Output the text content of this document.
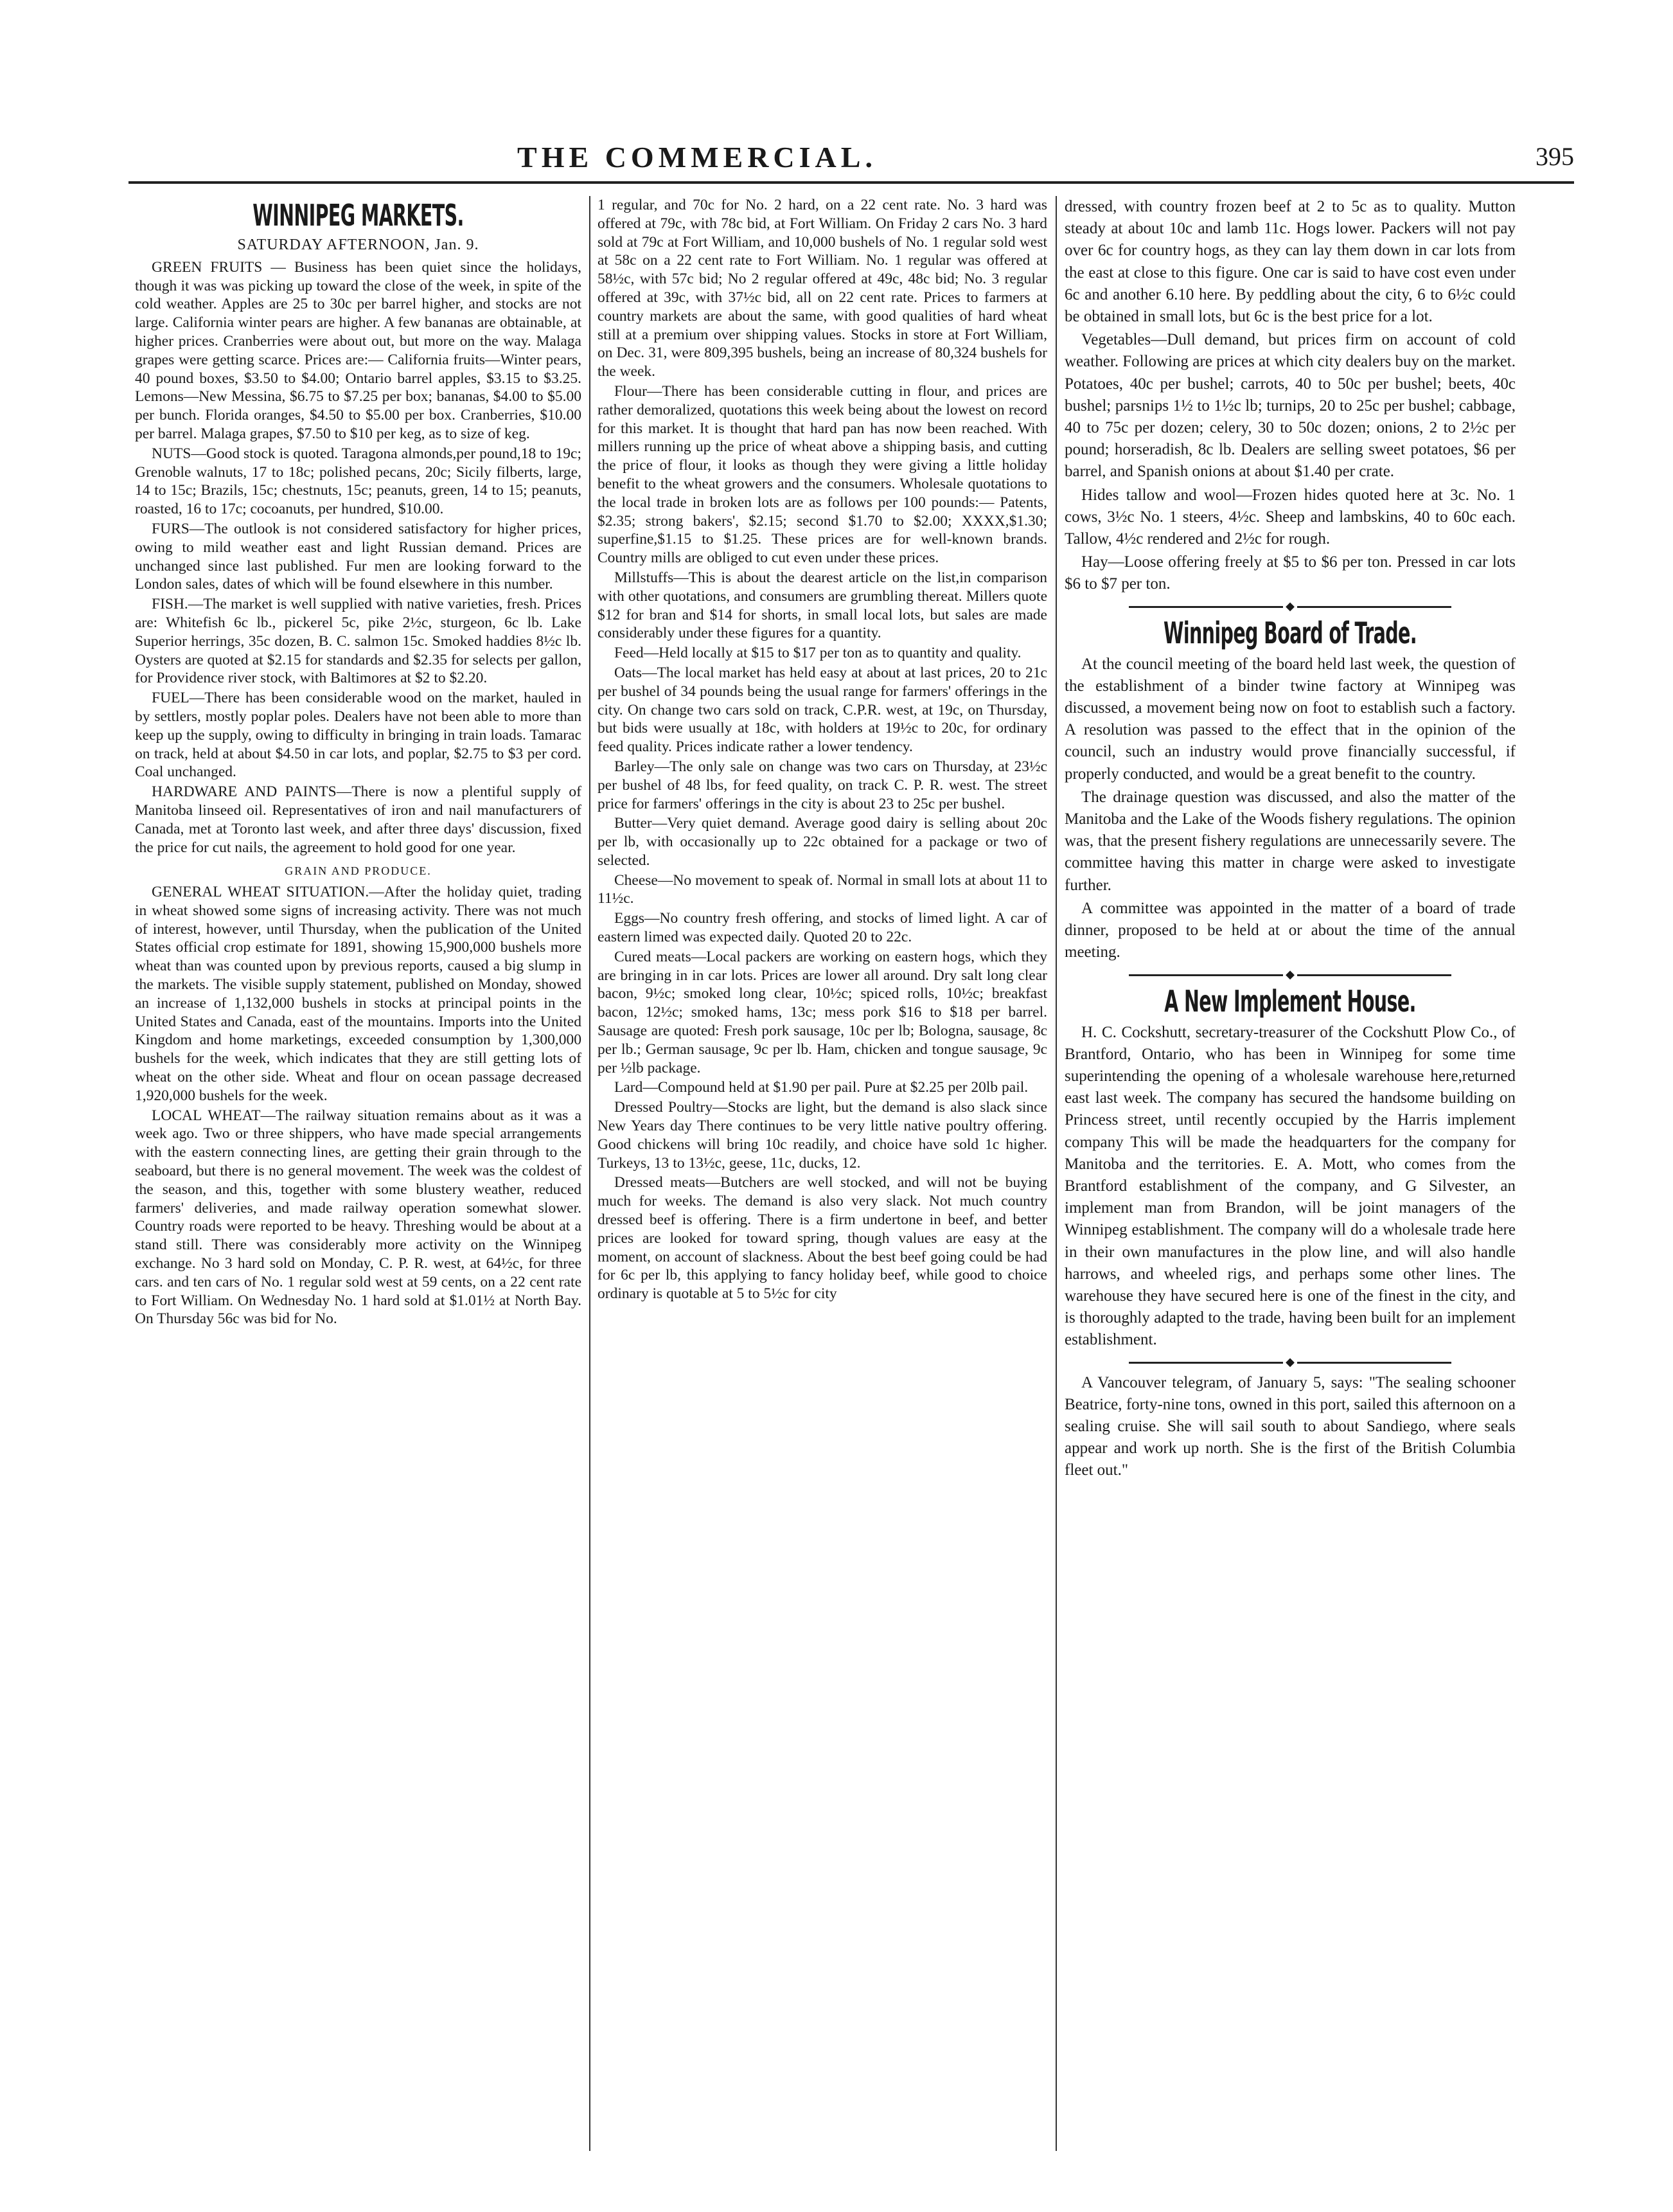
THE COMMERCIAL.	395
WINNIPEG MARKETS.
SATURDAY AFTERNOON, Jan. 9.

GREEN FRUITS — Business has been quiet since the holidays, though it was was picking up toward the close of the week, in spite of the cold weather. Apples are 25 to 30c per barrel higher, and stocks are not large. California winter pears are higher. A few bananas are obtainable, at higher prices. Cranberries were about out, but more on the way. Malaga grapes were getting scarce. Prices are:— California fruits—Winter pears, 40 pound boxes, $3.50 to $4.00; Ontario barrel apples, $3.15 to $3.25. Lemons—New Messina, $6.75 to $7.25 per box; bananas, $4.00 to $5.00 per bunch. Florida oranges, $4.50 to $5.00 per box. Cranberries, $10.00 per barrel. Malaga grapes, $7.50 to $10 per keg, as to size of keg.

NUTS—Good stock is quoted. Taragona almonds,per pound,18 to 19c; Grenoble walnuts, 17 to 18c; polished pecans, 20c; Sicily filberts, large, 14 to 15c; Brazils, 15c; chestnuts, 15c; peanuts, green, 14 to 15; peanuts, roasted, 16 to 17c; cocoanuts, per hundred, $10.00.

FURS—The outlook is not considered satisfactory for higher prices, owing to mild weather east and light Russian demand. Prices are unchanged since last published. Fur men are looking forward to the London sales, dates of which will be found elsewhere in this number.

FISH.—The market is well supplied with native varieties, fresh. Prices are: Whitefish 6c lb., pickerel 5c, pike 2½c, sturgeon, 6c lb. Lake Superior herrings, 35c dozen, B. C. salmon 15c. Smoked haddies 8½c lb. Oysters are quoted at $2.15 for standards and $2.35 for selects per gallon, for Providence river stock, with Baltimores at $2 to $2.20.

FUEL—There has been considerable wood on the market, hauled in by settlers, mostly poplar poles. Dealers have not been able to more than keep up the supply, owing to difficulty in bringing in train loads. Tamarac on track, held at about $4.50 in car lots, and poplar, $2.75 to $3 per cord. Coal unchanged.

HARDWARE AND PAINTS—There is now a plentiful supply of Manitoba linseed oil. Representatives of iron and nail manufacturers of Canada, met at Toronto last week, and after three days' discussion, fixed the price for cut nails, the agreement to hold good for one year.

GRAIN AND PRODUCE.

GENERAL WHEAT SITUATION.—After the holiday quiet, trading in wheat showed some signs of increasing activity. There was not much of interest, however, until Thursday, when the publication of the United States official crop estimate for 1891, showing 15,900,000 bushels more wheat than was counted upon by previous reports, caused a big slump in the markets. The visible supply statement, published on Monday, showed an increase of 1,132,000 bushels in stocks at principal points in the United States and Canada, east of the mountains. Imports into the United Kingdom and home marketings, exceeded consumption by 1,300,000 bushels for the week, which indicates that they are still getting lots of wheat on the other side. Wheat and flour on ocean passage decreased 1,920,000 bushels for the week.

LOCAL WHEAT—The railway situation remains about as it was a week ago. Two or three shippers, who have made special arrangements with the eastern connecting lines, are getting their grain through to the seaboard, but there is no general movement. The week was the coldest of the season, and this, together with some blustery weather, reduced farmers' deliveries, and made railway operation somewhat slower. Country roads were reported to be heavy. Threshing would be about at a stand still. There was considerably more activity on the Winnipeg exchange. No 3 hard sold on Monday, C. P. R. west, at 64½c, for three cars. and ten cars of No. 1 regular sold west at 59 cents, on a 22 cent rate to Fort William. On Wednesday No. 1 hard sold at $1.01½ at North Bay. On Thursday 56c was bid for No.

1 regular, and 70c for No. 2 hard, on a 22 cent rate. No. 3 hard was offered at 79c, with 78c bid, at Fort William. On Friday 2 cars No. 3 hard sold at 79c at Fort William, and 10,000 bushels of No. 1 regular sold west at 58c on a 22 cent rate to Fort William. No. 1 regular was offered at 58½c, with 57c bid; No 2 regular offered at 49c, 48c bid; No. 3 regular offered at 39c, with 37½c bid, all on 22 cent rate. Prices to farmers at country markets are about the same, with good qualities of hard wheat still at a premium over shipping values. Stocks in store at Fort William, on Dec. 31, were 809,395 bushels, being an increase of 80,324 bushels for the week.

Flour—There has been considerable cutting in flour, and prices are rather demoralized, quotations this week being about the lowest on record for this market. It is thought that hard pan has now been reached. With millers running up the price of wheat above a shipping basis, and cutting the price of flour, it looks as though they were giving a little holiday benefit to the wheat growers and the consumers. Wholesale quotations to the local trade in broken lots are as follows per 100 pounds:— Patents, $2.35; strong bakers', $2.15; second $1.70 to $2.00; XXXX,$1.30; superfine,$1.15 to $1.25. These prices are for well-known brands. Country mills are obliged to cut even under these prices.

Millstuffs—This is about the dearest article on the list,in comparison with other quotations, and consumers are grumbling thereat. Millers quote $12 for bran and $14 for shorts, in small local lots, but sales are made considerably under these figures for a quantity.

Feed—Held locally at $15 to $17 per ton as to quantity and quality.

Oats—The local market has held easy at about at last prices, 20 to 21c per bushel of 34 pounds being the usual range for farmers' offerings in the city. On change two cars sold on track, C.P.R. west, at 19c, on Thursday, but bids were usually at 18c, with holders at 19½c to 20c, for ordinary feed quality. Prices indicate rather a lower tendency.

Barley—The only sale on change was two cars on Thursday, at 23½c per bushel of 48 lbs, for feed quality, on track C. P. R. west. The street price for farmers' offerings in the city is about 23 to 25c per bushel.

Butter—Very quiet demand. Average good dairy is selling about 20c per lb, with occasionally up to 22c obtained for a package or two of selected.

Cheese—No movement to speak of. Normal in small lots at about 11 to 11½c.

Eggs—No country fresh offering, and stocks of limed light. A car of eastern limed was expected daily. Quoted 20 to 22c.

Cured meats—Local packers are working on eastern hogs, which they are bringing in in car lots. Prices are lower all around. Dry salt long clear bacon, 9½c; smoked long clear, 10½c; spiced rolls, 10½c; breakfast bacon, 12½c; smoked hams, 13c; mess pork $16 to $18 per barrel. Sausage are quoted: Fresh pork sausage, 10c per lb; Bologna, sausage, 8c per lb.; German sausage, 9c per lb. Ham, chicken and tongue sausage, 9c per ½lb package.

Lard—Compound held at $1.90 per pail. Pure at $2.25 per 20lb pail.

Dressed Poultry—Stocks are light, but the demand is also slack since New Years day There continues to be very little native poultry offering. Good chickens will bring 10c readily, and choice have sold 1c higher. Turkeys, 13 to 13½c, geese, 11c, ducks, 12.

Dressed meats—Butchers are well stocked, and will not be buying much for weeks. The demand is also very slack. Not much country dressed beef is offering. There is a firm undertone in beef, and better prices are looked for toward spring, though values are easy at the moment, on account of slackness. About the best beef going could be had for 6c per lb, this applying to fancy holiday beef, while good to choice ordinary is quotable at 5 to 5½c for city

dressed, with country frozen beef at 2 to 5c as to quality. Mutton steady at about 10c and lamb 11c. Hogs lower. Packers will not pay over 6c for country hogs, as they can lay them down in car lots from the east at close to this figure. One car is said to have cost even under 6c and another 6.10 here. By peddling about the city, 6 to 6½c could be obtained in small lots, but 6c is the best price for a lot.

Vegetables—Dull demand, but prices firm on account of cold weather. Following are prices at which city dealers buy on the market. Potatoes, 40c per bushel; carrots, 40 to 50c per bushel; beets, 40c bushel; parsnips 1½ to 1½c lb; turnips, 20 to 25c per bushel; cabbage, 40 to 75c per dozen; celery, 30 to 50c dozen; onions, 2 to 2½c per pound; horseradish, 8c lb. Dealers are selling sweet potatoes, $6 per barrel, and Spanish onions at about $1.40 per crate.

Hides tallow and wool—Frozen hides quoted here at 3c. No. 1 cows, 3½c No. 1 steers, 4½c. Sheep and lambskins, 40 to 60c each. Tallow, 4½c rendered and 2½c for rough.

Hay—Loose offering freely at $5 to $6 per ton. Pressed in car lots $6 to $7 per ton.

◆
Winnipeg Board of Trade.

At the council meeting of the board held last week, the question of the establishment of a binder twine factory at Winnipeg was discussed, a movement being now on foot to establish such a factory. A resolution was passed to the effect that in the opinion of the council, such an industry would prove financially successful, if properly conducted, and would be a great benefit to the country.

The drainage question was discussed, and also the matter of the Manitoba and the Lake of the Woods fishery regulations. The opinion was, that the present fishery regulations are unnecessarily severe. The committee having this matter in charge were asked to investigate further.

A committee was appointed in the matter of a board of trade dinner, proposed to be held at or about the time of the annual meeting.

◆
A New Implement House.

H. C. Cockshutt, secretary-treasurer of the Cockshutt Plow Co., of Brantford, Ontario, who has been in Winnipeg for some time superintending the opening of a wholesale warehouse here,returned east last week. The company has secured the handsome building on Princess street, until recently occupied by the Harris implement company This will be made the headquarters for the company for Manitoba and the territories. E. A. Mott, who comes from the Brantford establishment of the company, and G Silvester, an implement man from Brandon, will be joint managers of the Winnipeg establishment. The company will do a wholesale trade here in their own manufactures in the plow line, and will also handle harrows, and wheeled rigs, and perhaps some other lines. The warehouse they have secured here is one of the finest in the city, and is thoroughly adapted to the trade, having been built for an implement establishment.

◆

A Vancouver telegram, of January 5, says: "The sealing schooner Beatrice, forty-nine tons, owned in this port, sailed this afternoon on a sealing cruise. She will sail south to about Sandiego, where seals appear and work up north. She is the first of the British Columbia fleet out."
